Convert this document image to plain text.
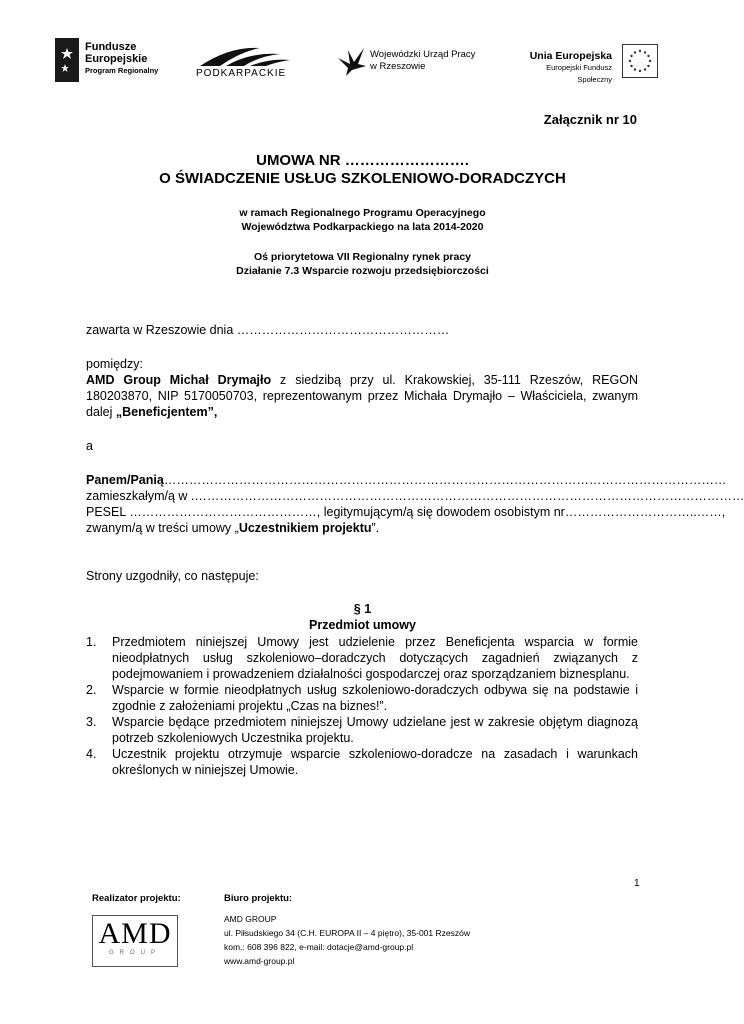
Fundusze
Europejskie
Program Regionalny	PODKARPACKIE
Wojewódzki Urząd Pracy
w Rzeszowie
Unia Europejska
Europejski Fundusz Społeczny
Załącznik nr 10
UMOWA NR …………………….
O ŚWIADCZENIE USŁUG SZKOLENIOWO-DORADCZYCH
w ramach Regionalnego Programu Operacyjnego
Województwa Podkarpackiego na lata 2014-2020
Oś priorytetowa VII Regionalny rynek pracy
Działanie 7.3 Wsparcie rozwoju przedsiębiorczości
zawarta w Rzeszowie dnia ……………………………………………
pomiędzy:
AMD Group Michał Drymajło z siedzibą przy ul. Krakowskiej, 35-111 Rzeszów, REGON 180203870, NIP 5170050703, reprezentowanym przez Michała Drymajło – Właściciela, zwanym dalej „Beneficjentem”,
a
Panem/Panią………………………………………………………………………………………………………………………
zamieszkałym/ą w .……………………………………………………………………………………………………………………
PESEL ………………………………………, legitymującym/ą się dowodem osobistym nr…………………………..……,
zwanym/ą w treści umowy „Uczestnikiem projektu”.
Strony uzgodniły, co następuje:
§ 1
Przedmiot umowy
1. Przedmiotem niniejszej Umowy jest udzielenie przez Beneficjenta wsparcia w formie nieodpłatnych usług szkoleniowo–doradczych dotyczących zagadnień związanych z podejmowaniem i prowadzeniem działalności gospodarczej oraz sporządzaniem biznesplanu.
2. Wsparcie w formie nieodpłatnych usług szkoleniowo-doradczych odbywa się na podstawie i zgodnie z założeniami projektu „Czas na biznes!”.
3. Wsparcie będące przedmiotem niniejszej Umowy udzielane jest w zakresie objętym diagnozą potrzeb szkoleniowych Uczestnika projektu.
4. Uczestnik projektu otrzymuje wsparcie szkoleniowo-doradcze na zasadach i warunkach określonych w niniejszej Umowie.
1
Realizator projektu:	Biuro projektu:
AMD
GROUP
AMD GROUP
ul. Piłsudskiego 34 (C.H. EUROPA II – 4 piętro), 35-001 Rzeszów
kom.: 608 396 822, e-mail: dotacje@amd-group.pl
www.amd-group.pl
